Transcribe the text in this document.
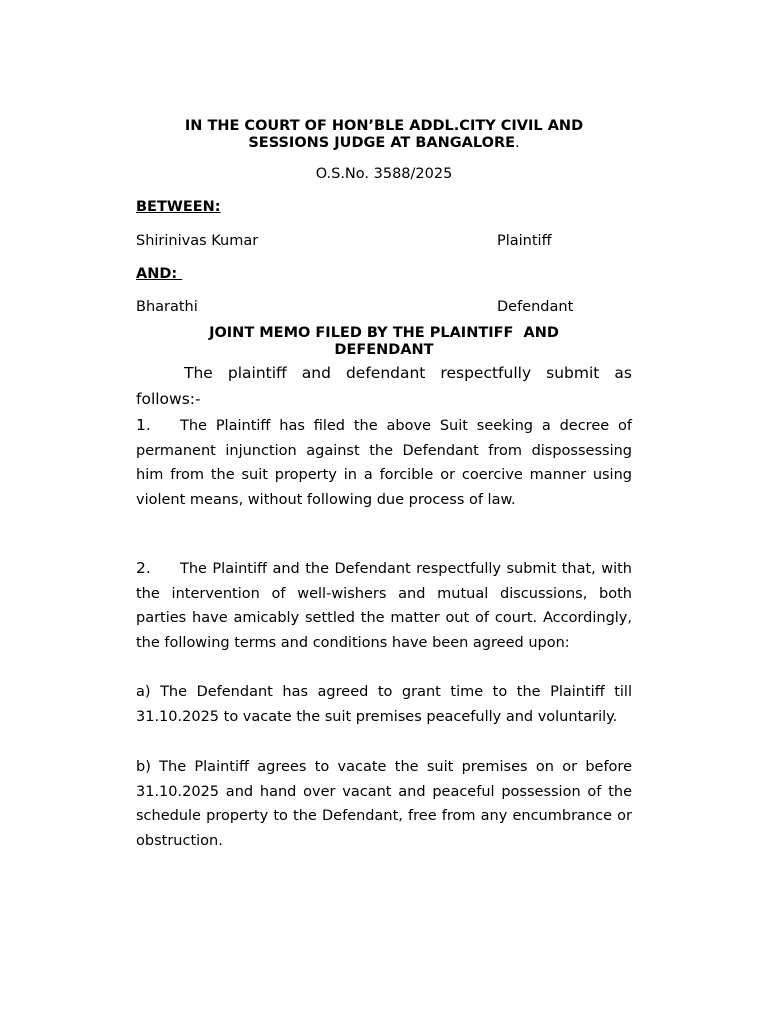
IN THE COURT OF HON’BLE ADDL.CITY CIVIL AND
SESSIONS JUDGE AT BANGALORE.
O.S.No. 3588/2025
BETWEEN:
Shirinivas Kumar	Plaintiff
AND:
Bharathi	Defendant
JOINT MEMO FILED BY THE PLAINTIFF  AND
DEFENDANT
The plaintiff and defendant respectfully submit as follows:-
1. The Plaintiff has filed the above Suit seeking a decree of permanent injunction against the Defendant from dispossessing him from the suit property in a forcible or coercive manner using violent means, without following due process of law.
2. The Plaintiff and the Defendant respectfully submit that, with the intervention of well-wishers and mutual discussions, both parties have amicably settled the matter out of court. Accordingly, the following terms and conditions have been agreed upon:
a) The Defendant has agreed to grant time to the Plaintiff till 31.10.2025 to vacate the suit premises peacefully and voluntarily.
b) The Plaintiff agrees to vacate the suit premises on or before 31.10.2025 and hand over vacant and peaceful possession of the schedule property to the Defendant, free from any encumbrance or obstruction.
